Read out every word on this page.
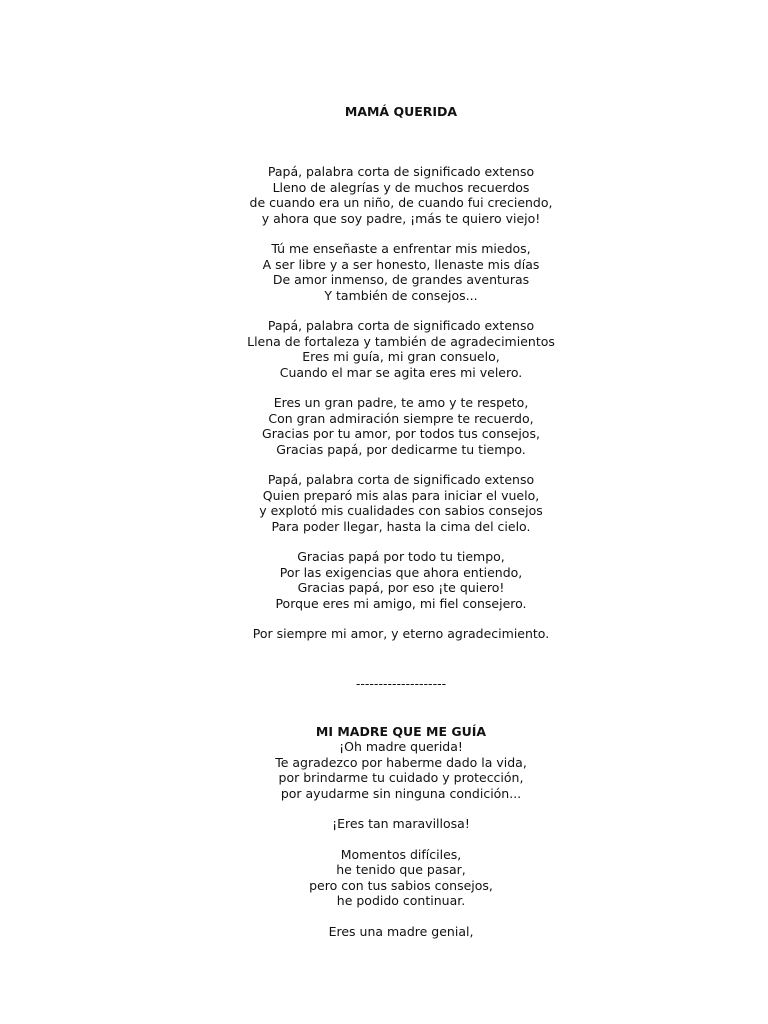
MAMÁ QUERIDA
Papá, palabra corta de significado extenso
Lleno de alegrías y de muchos recuerdos
de cuando era un niño, de cuando fui creciendo,
y ahora que soy padre, ¡más te quiero viejo!
Tú me enseñaste a enfrentar mis miedos,
A ser libre y a ser honesto, llenaste mis días
De amor inmenso, de grandes aventuras
Y también de consejos...
Papá, palabra corta de significado extenso
Llena de fortaleza y también de agradecimientos
Eres mi guía, mi gran consuelo,
Cuando el mar se agita eres mi velero.
Eres un gran padre, te amo y te respeto,
Con gran admiración siempre te recuerdo,
Gracias por tu amor, por todos tus consejos,
Gracias papá, por dedicarme tu tiempo.
Papá, palabra corta de significado extenso
Quien preparó mis alas para iniciar el vuelo,
y explotó mis cualidades con sabios consejos
Para poder llegar, hasta la cima del cielo.
Gracias papá por todo tu tiempo,
Por las exigencias que ahora entiendo,
Gracias papá, por eso ¡te quiero!
Porque eres mi amigo, mi fiel consejero.
Por siempre mi amor, y eterno agradecimiento.
--------------------
MI MADRE QUE ME GUÍA
¡Oh madre querida!
Te agradezco por haberme dado la vida,
por brindarme tu cuidado y protección,
por ayudarme sin ninguna condición...
¡Eres tan maravillosa!
Momentos difíciles,
he tenido que pasar,
pero con tus sabios consejos,
he podido continuar.
Eres una madre genial,
